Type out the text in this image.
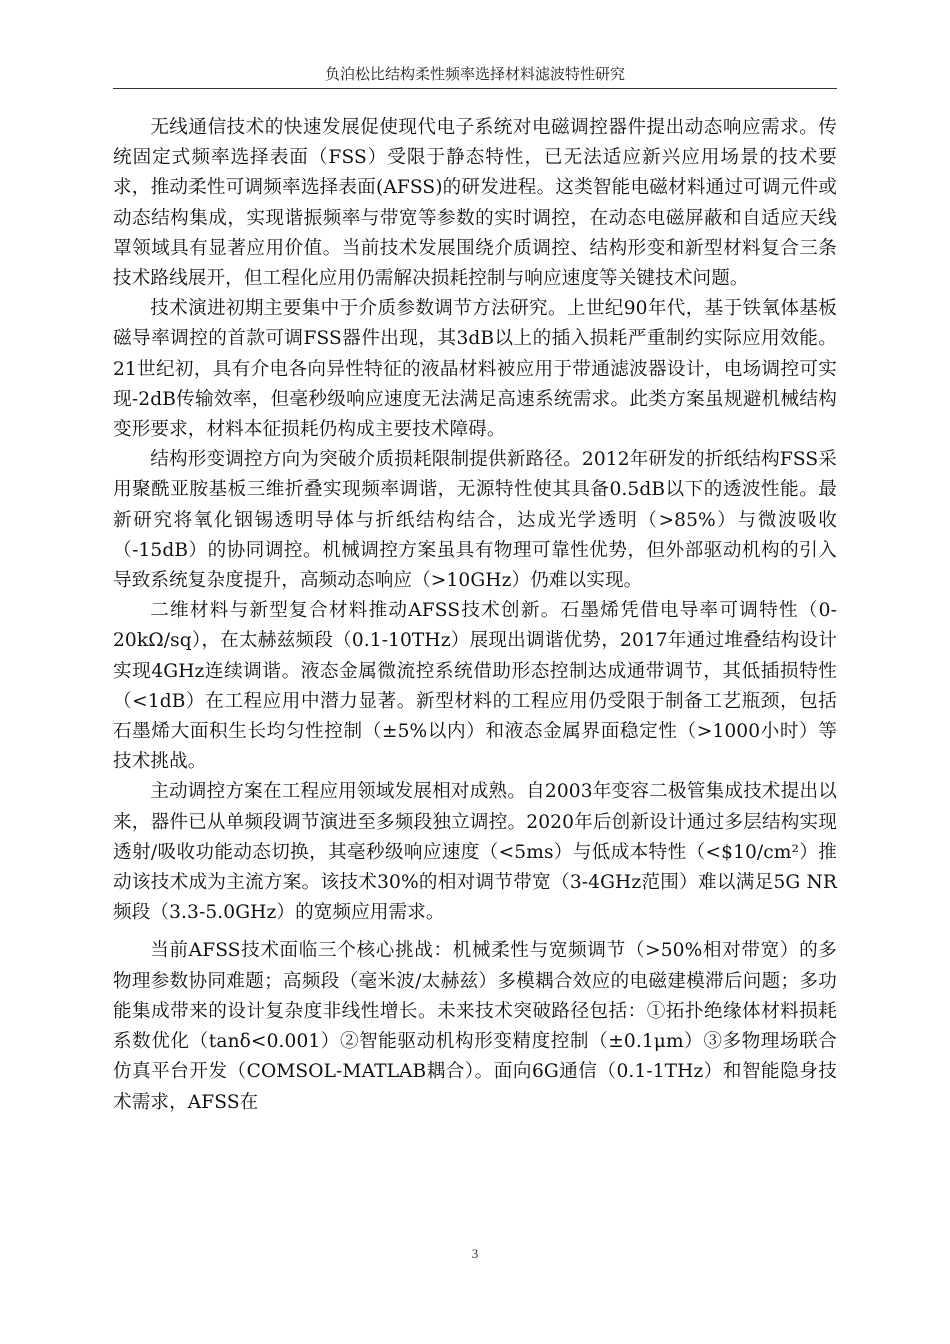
负泊松比结构柔性频率选择材料滤波特性研究

无线通信技术的快速发展促使现代电子系统对电磁调控器件提出动态响应需求。传统固定式频率选择表面（FSS）受限于静态特性，已无法适应新兴应用场景的技术要求，推动柔性可调频率选择表面(AFSS)的研发进程。这类智能电磁材料通过可调元件或动态结构集成，实现谐振频率与带宽等参数的实时调控，在动态电磁屏蔽和自适应天线罩领域具有显著应用价值。当前技术发展围绕介质调控、结构形变和新型材料复合三条技术路线展开，但工程化应用仍需解决损耗控制与响应速度等关键技术问题。

技术演进初期主要集中于介质参数调节方法研究。上世纪90年代，基于铁氧体基板磁导率调控的首款可调FSS器件出现，其3dB以上的插入损耗严重制约实际应用效能。21世纪初，具有介电各向异性特征的液晶材料被应用于带通滤波器设计，电场调控可实现-2dB传输效率，但毫秒级响应速度无法满足高速系统需求。此类方案虽规避机械结构变形要求，材料本征损耗仍构成主要技术障碍。

结构形变调控方向为突破介质损耗限制提供新路径。2012年研发的折纸结构FSS采用聚酰亚胺基板三维折叠实现频率调谐，无源特性使其具备0.5dB以下的透波性能。最新研究将氧化铟锡透明导体与折纸结构结合，达成光学透明（>85%）与微波吸收（-15dB）的协同调控。机械调控方案虽具有物理可靠性优势，但外部驱动机构的引入导致系统复杂度提升，高频动态响应（>10GHz）仍难以实现。

二维材料与新型复合材料推动AFSS技术创新。石墨烯凭借电导率可调特性（0-20kΩ/sq），在太赫兹频段（0.1-10THz）展现出调谐优势，2017年通过堆叠结构设计实现4GHz连续调谐。液态金属微流控系统借助形态控制达成通带调节，其低插损特性（<1dB）在工程应用中潜力显著。新型材料的工程应用仍受限于制备工艺瓶颈，包括石墨烯大面积生长均匀性控制（±5%以内）和液态金属界面稳定性（>1000小时）等技术挑战。

主动调控方案在工程应用领域发展相对成熟。自2003年变容二极管集成技术提出以来，器件已从单频段调节演进至多频段独立调控。2020年后创新设计通过多层结构实现透射/吸收功能动态切换，其毫秒级响应速度（<5ms）与低成本特性（<$10/cm²）推动该技术成为主流方案。该技术30%的相对调节带宽（3-4GHz范围）难以满足5G NR频段（3.3-5.0GHz）的宽频应用需求。

当前AFSS技术面临三个核心挑战：机械柔性与宽频调节（>50%相对带宽）的多物理参数协同难题；高频段（毫米波/太赫兹）多模耦合效应的电磁建模滞后问题；多功能集成带来的设计复杂度非线性增长。未来技术突破路径包括：①拓扑绝缘体材料损耗系数优化（tanδ<0.001）②智能驱动机构形变精度控制（±0.1μm）③多物理场联合仿真平台开发（COMSOL-MATLAB耦合）。面向6G通信（0.1-1THz）和智能隐身技术需求，AFSS在

3
